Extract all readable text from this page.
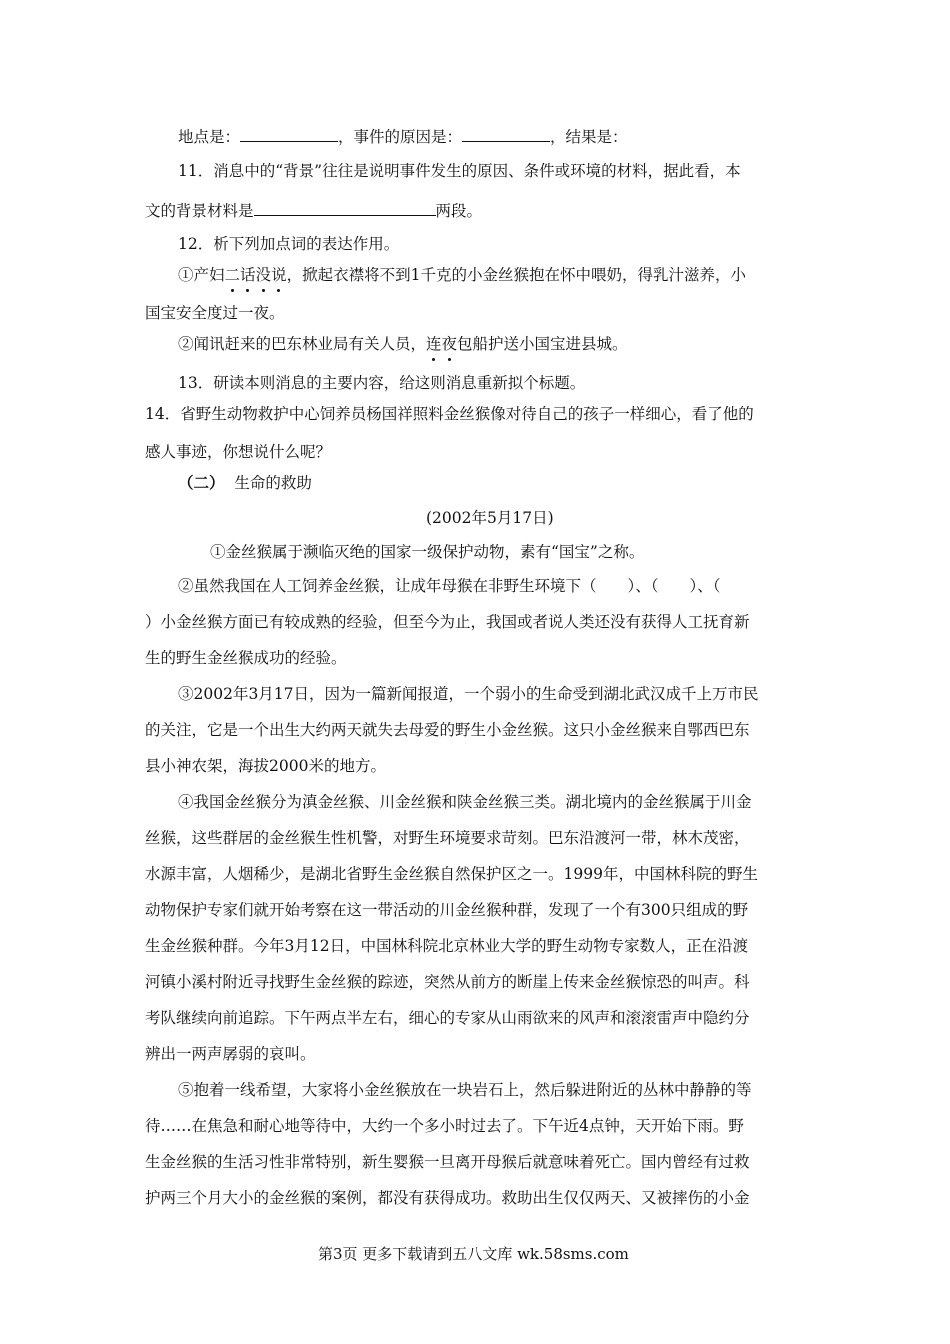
地点是：	，事件的原因是：	，结果是：
11．消息中的“背景”往往是说明事件发生的原因、条件或环境的材料，据此看，本
文的背景材料是	两段。
12．析下列加点词的表达作用。
①产妇二话没说，掀起衣襟将不到1千克的小金丝猴抱在怀中喂奶，得乳汁滋养，小
国宝安全度过一夜。
②闻讯赶来的巴东林业局有关人员，连夜包船护送小国宝进县城。
13．研读本则消息的主要内容，给这则消息重新拟个标题。
14．省野生动物救护中心饲养员杨国祥照料金丝猴像对待自己的孩子一样细心，看了他的
感人事迹，你想说什么呢？
（二） 生命的救助
(2002年5月17日)
①金丝猴属于濒临灭绝的国家一级保护动物，素有“国宝”之称。
②虽然我国在人工饲养金丝猴，让成年母猴在非野生环境下（　　）、（　　）、（
）小金丝猴方面已有较成熟的经验，但至今为止，我国或者说人类还没有获得人工抚育新
生的野生金丝猴成功的经验。
③2002年3月17日，因为一篇新闻报道，一个弱小的生命受到湖北武汉成千上万市民
的关注，它是一个出生大约两天就失去母爱的野生小金丝猴。这只小金丝猴来自鄂西巴东
县小神农架，海拔2000米的地方。
④我国金丝猴分为滇金丝猴、川金丝猴和陕金丝猴三类。湖北境内的金丝猴属于川金
丝猴，这些群居的金丝猴生性机警，对野生环境要求苛刻。巴东沿渡河一带，林木茂密，
水源丰富，人烟稀少，是湖北省野生金丝猴自然保护区之一。1999年，中国林科院的野生
动物保护专家们就开始考察在这一带活动的川金丝猴种群，发现了一个有300只组成的野
生金丝猴种群。今年3月12日，中国林科院北京林业大学的野生动物专家数人，正在沿渡
河镇小溪村附近寻找野生金丝猴的踪迹，突然从前方的断崖上传来金丝猴惊恐的叫声。科
考队继续向前追踪。下午两点半左右，细心的专家从山雨欲来的风声和滚滚雷声中隐约分
辨出一两声孱弱的哀叫。
⑤抱着一线希望，大家将小金丝猴放在一块岩石上，然后躲进附近的丛林中静静的等
待……在焦急和耐心地等待中，大约一个多小时过去了。下午近4点钟，天开始下雨。野
生金丝猴的生活习性非常特别，新生婴猴一旦离开母猴后就意味着死亡。国内曾经有过救
护两三个月大小的金丝猴的案例，都没有获得成功。救助出生仅仅两天、又被摔伤的小金
第3页 更多下载请到五八文库 wk.58sms.com
